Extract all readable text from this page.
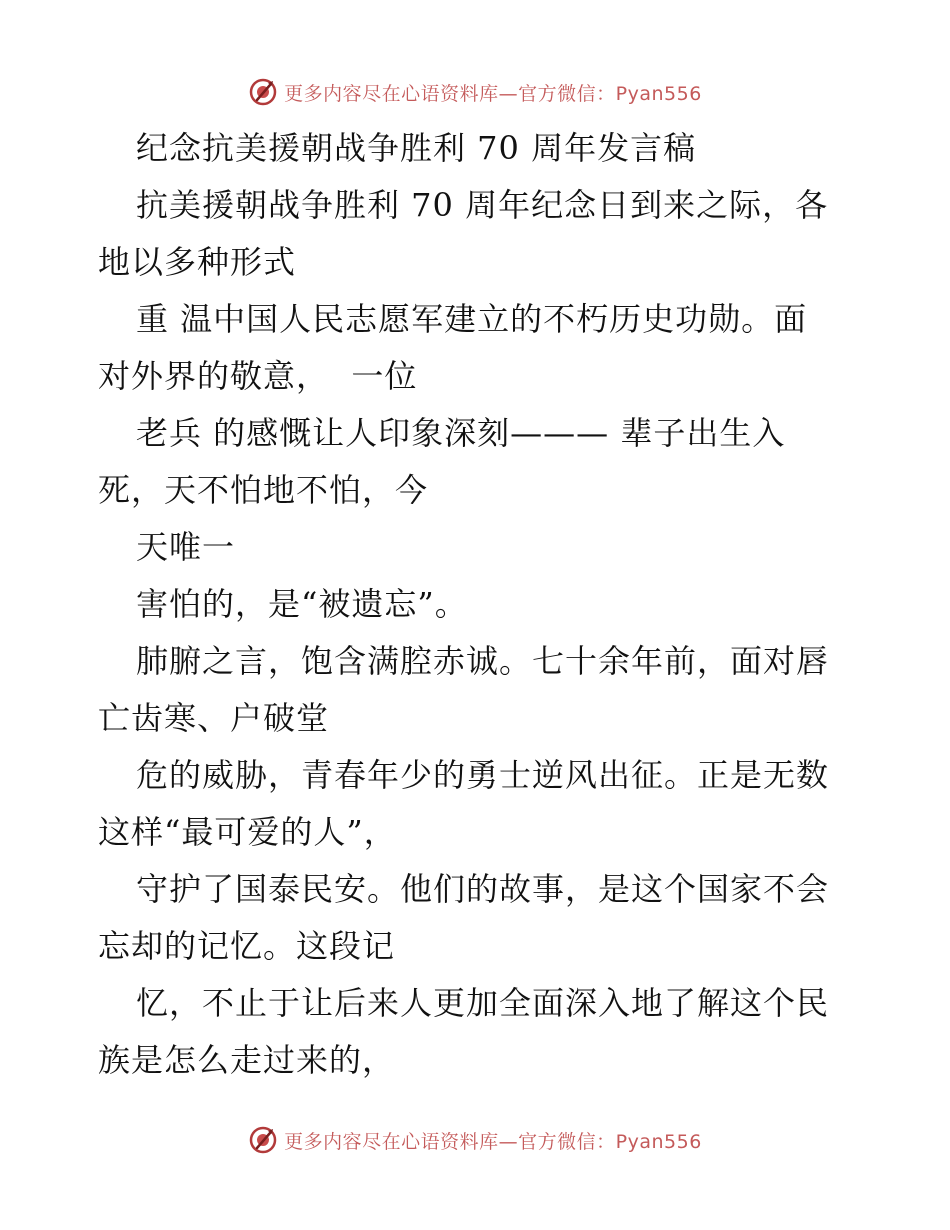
更多内容尽在心语资料库—官方微信：Pyan556
纪念抗美援朝战争胜利 70 周年发言稿
抗美援朝战争胜利 70 周年纪念日到来之际，各
地以多种形式
重 温中国人民志愿军建立的不朽历史功勋。面
对外界的敬意，  一位
老兵 的感慨让人印象深刻——— 辈子出生入
死，天不怕地不怕，今
天唯一
害怕的，是“被遗忘”。
肺腑之言，饱含满腔赤诚。七十余年前，面对唇
亡齿寒、户破堂
危的威胁，青春年少的勇士逆风出征。正是无数
这样“最可爱的人”，
守护了国泰民安。他们的故事，是这个国家不会
忘却的记忆。这段记
忆，不止于让后来人更加全面深入地了解这个民
族是怎么走过来的，
更多内容尽在心语资料库—官方微信：Pyan556
